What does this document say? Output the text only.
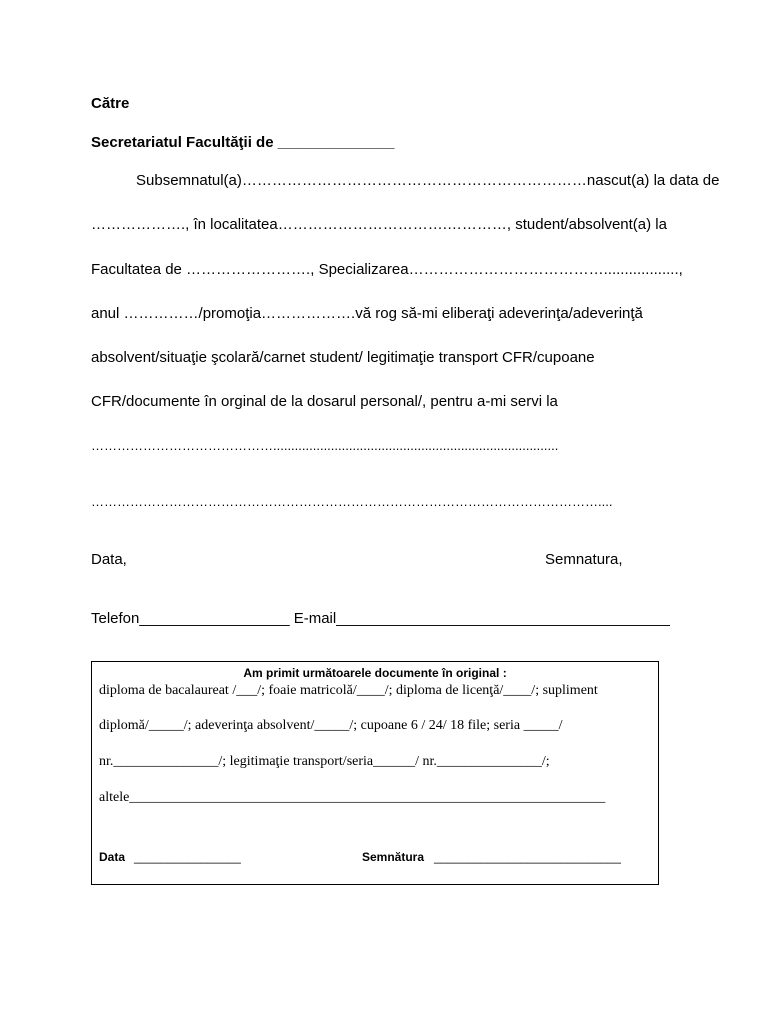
Către
Secretariatul Facultăţii de ______________
Subsemnatul(a)……………………………………………………………nascut(a) la data de
………………., în localitatea…………………………….…………, student/absolvent(a) la
Facultatea de ……………………., Specializarea…………………………………..................,
anul ……………/promoţia……………….vă rog să-mi eliberaţi adeverinţa/adeverinţă
absolvent/situaţie şcolară/carnet student/ legitimaţie transport CFR/cupoane
CFR/documente în orginal de la dosarul personal/, pentru a-mi servi la
……………………………………...............................................................................
………………………………………………………………………………………………………....
Data,	Semnatura,
Telefon__________________ E-mail________________________________________
Am primit următoarele documente în original :
diploma de bacalaureat /___/; foaie matricolă/____/; diploma de licenţă/____/; supliment
diplomă/_____/; adeverinţa absolvent/_____/; cupoane 6 / 24/ 18 file; seria _____/
nr._______________/; legitimaţie transport/seria______/ nr._______________/;
altele____________________________________________________________________
Data ________________	Semnătura ____________________________
